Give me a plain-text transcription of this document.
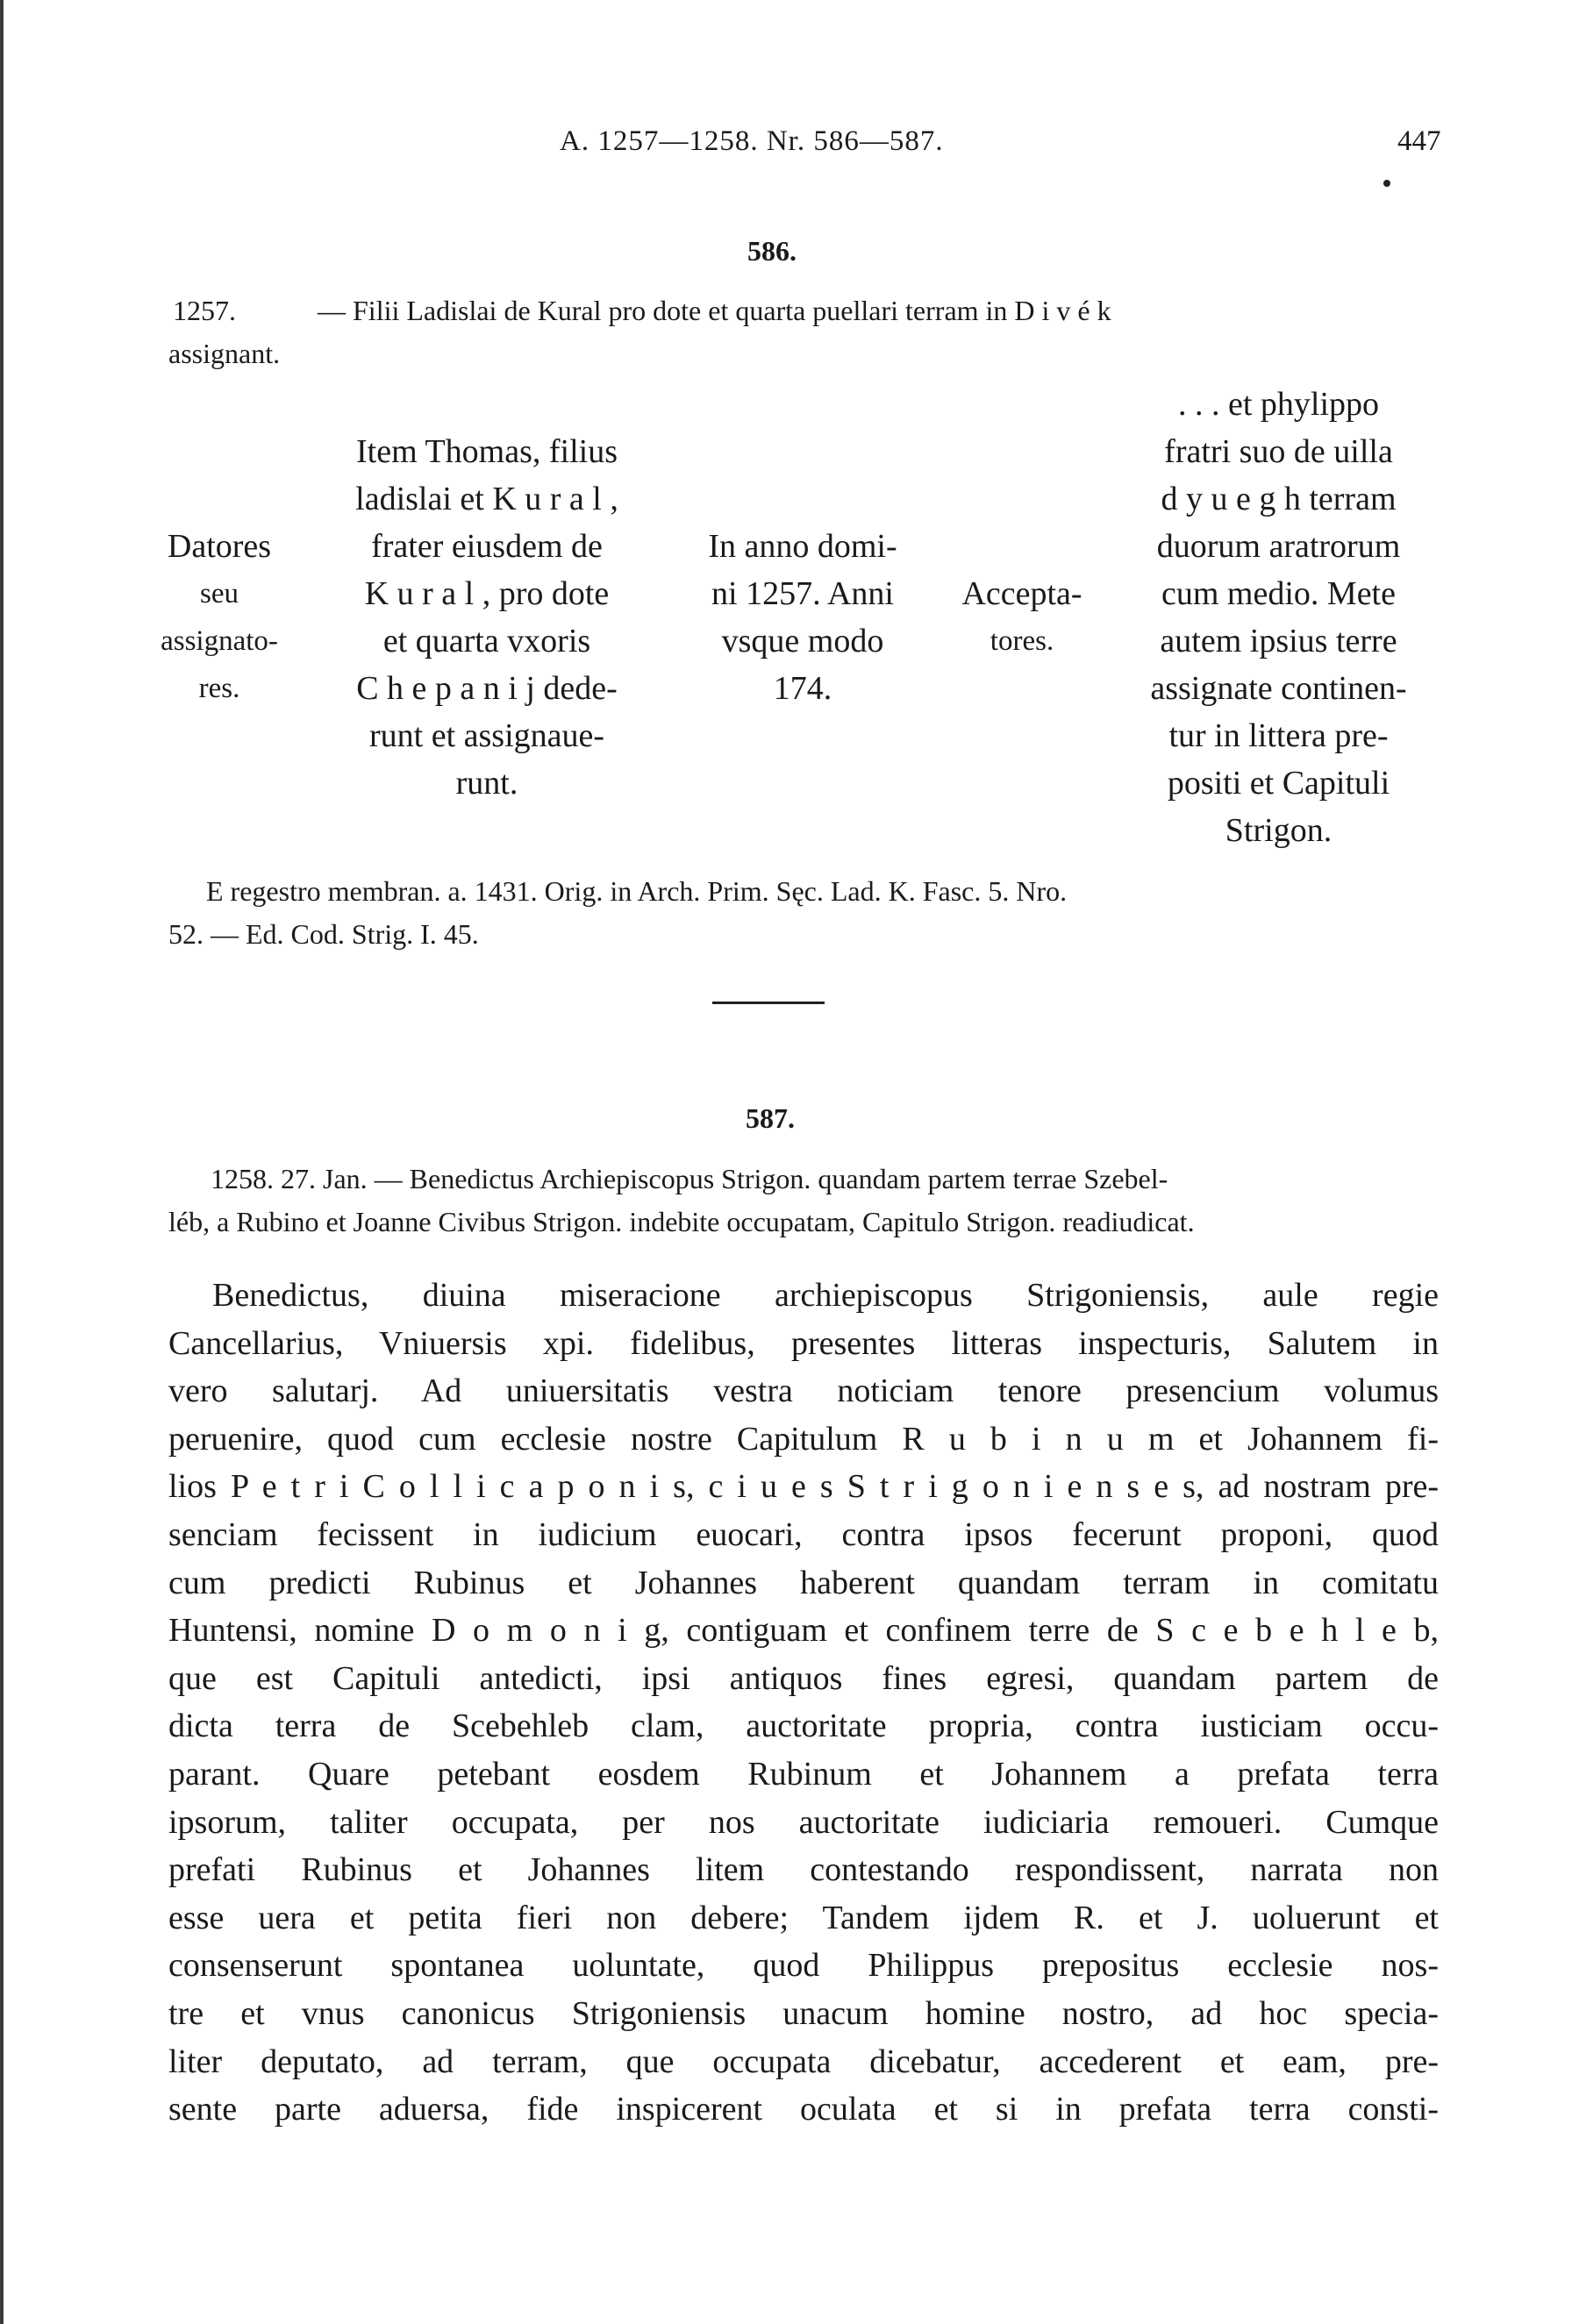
A. 1257—1258. Nr. 586—587.	447
586.
1257.	— Filii Ladislai de Kural pro dote et quarta puellari terram in D i v é k
assignant.
Datores
seu
assignato-
res.
Item Thomas, filius
ladislai et K u r a l ,
frater eiusdem de
K u r a l , pro dote
et quarta vxoris
C h e p a n i j dede-
runt et assignaue-
runt.
In anno domi-
ni 1257. Anni
vsque modo
174.
Accepta-
tores.
. . . et phylippo
fratri suo de uilla
d y u e g h terram
duorum aratrorum
cum medio. Mete
autem ipsius terre
assignate continen-
tur in littera pre-
positi et Capituli
Strigon.
E regestro membran. a. 1431. Orig. in Arch. Prim. Sęc. Lad. K. Fasc. 5. Nro.
52. — Ed. Cod. Strig. I. 45.
587.
1258. 27. Jan. — Benedictus Archiepiscopus Strigon. quandam partem terrae Szebel-
léb, a Rubino et Joanne Civibus Strigon. indebite occupatam, Capitulo Strigon. readiudicat.
Benedictus, diuina miseracione archiepiscopus Strigoniensis, aule regie
Cancellarius, Vniuersis xpi. fidelibus, presentes litteras inspecturis, Salutem in
vero salutarj. Ad uniuersitatis vestra noticiam tenore presencium volumus
peruenire, quod cum ecclesie nostre Capitulum R u b i n u m et Johannem fi-
lios P e t r i C o l l i c a p o n i s, c i u e s S t r i g o n i e n s e s, ad nostram pre-
senciam fecissent in iudicium euocari, contra ipsos fecerunt proponi, quod
cum predicti Rubinus et Johannes haberent quandam terram in comitatu
Huntensi, nomine D o m o n i g, contiguam et confinem terre de S c e b e h l e b,
que est Capituli antedicti, ipsi antiquos fines egresi, quandam partem de
dicta terra de Scebehleb clam, auctoritate propria, contra iusticiam occu-
parant. Quare petebant eosdem Rubinum et Johannem a prefata terra
ipsorum, taliter occupata, per nos auctoritate iudiciaria remoueri. Cumque
prefati Rubinus et Johannes litem contestando respondissent, narrata non
esse uera et petita fieri non debere; Tandem ijdem R. et J. uoluerunt et
consenserunt spontanea uoluntate, quod Philippus prepositus ecclesie nos-
tre et vnus canonicus Strigoniensis unacum homine nostro, ad hoc specia-
liter deputato, ad terram, que occupata dicebatur, accederent et eam, pre-
sente parte aduersa, fide inspicerent oculata et si in prefata terra consti-
